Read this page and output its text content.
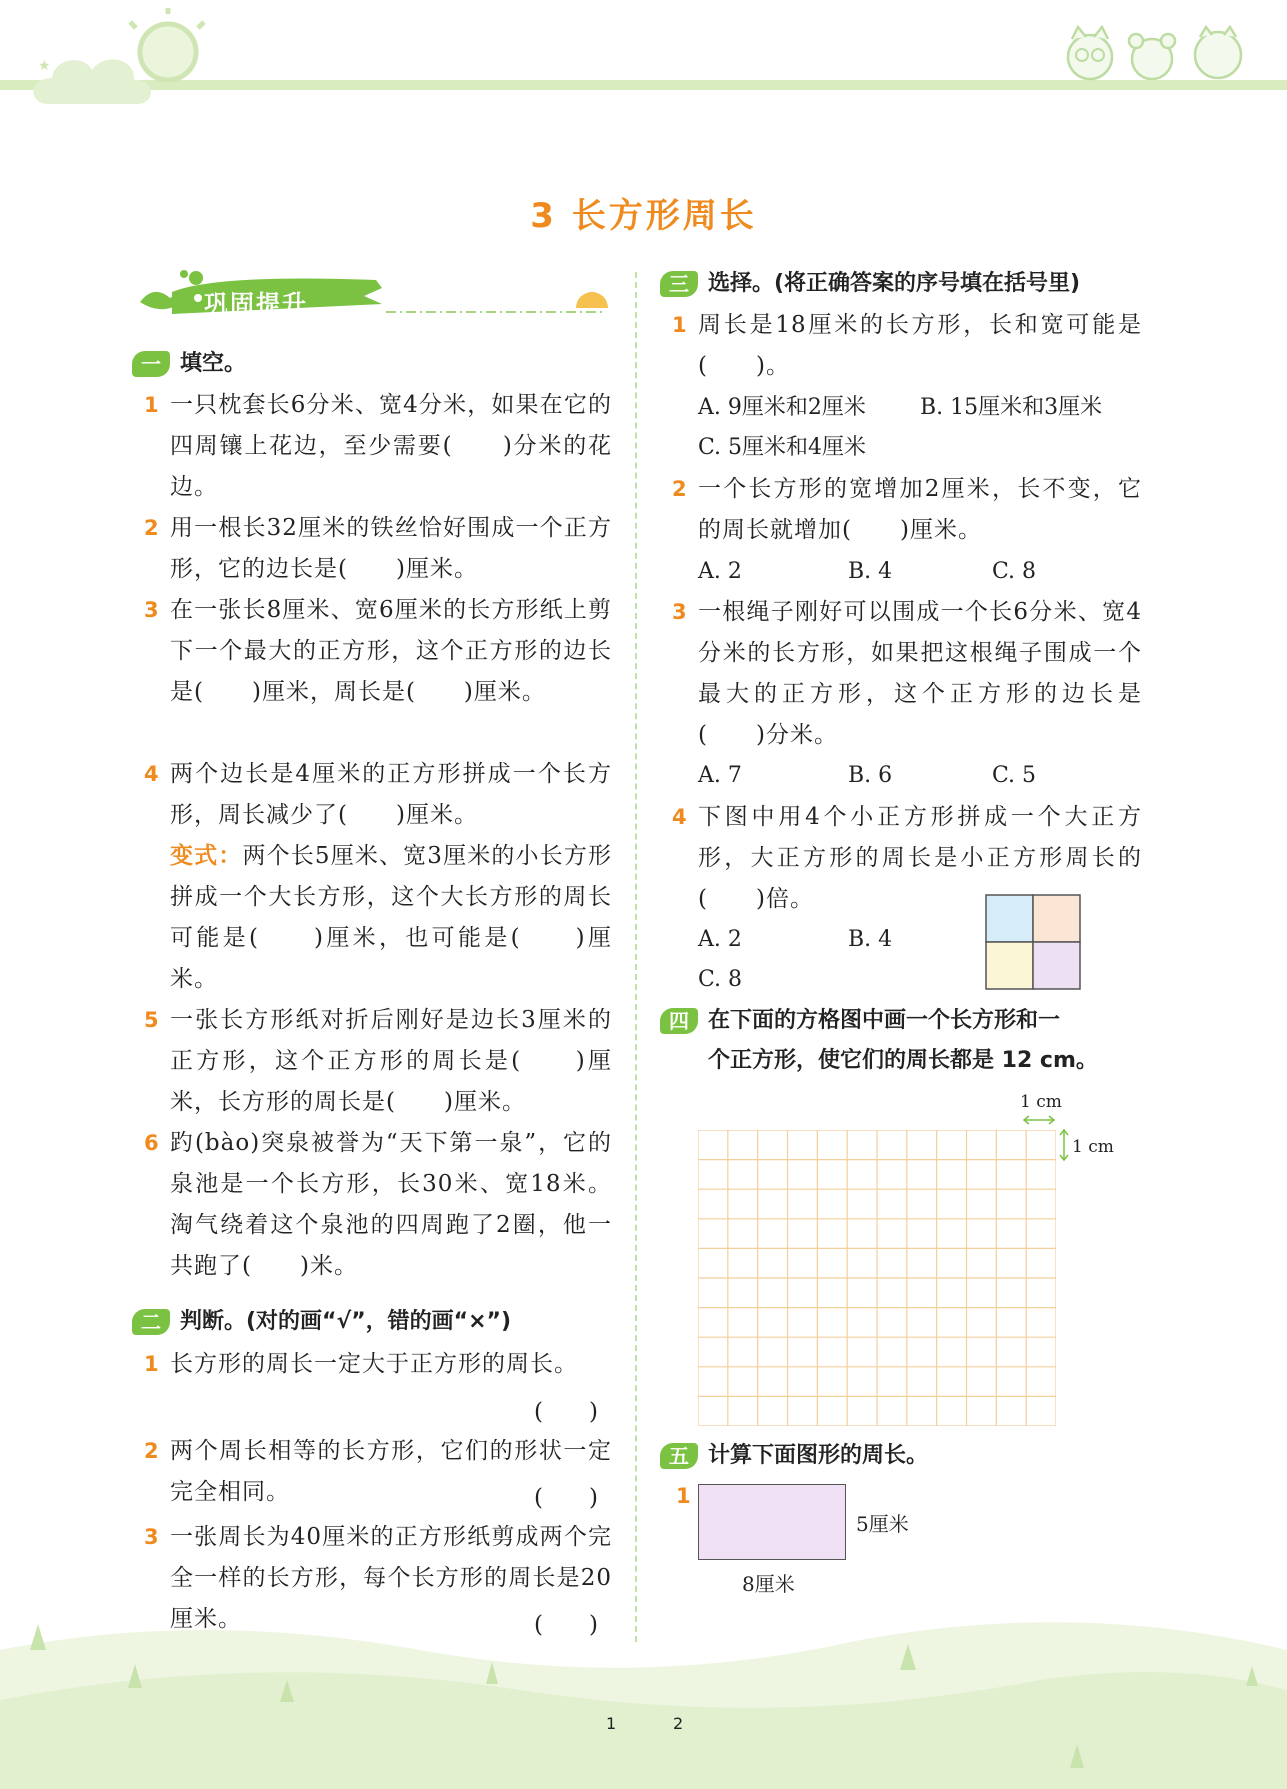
★
3 长方形周长
巩固提升
一 填空。
1 一只枕套长6分米、宽4分米，如果在它的四周镶上花边，至少需要(　　)分米的花边。
2 用一根长32厘米的铁丝恰好围成一个正方形，它的边长是(　　)厘米。
3 在一张长8厘米、宽6厘米的长方形纸上剪下一个最大的正方形，这个正方形的边长是(　　)厘米，周长是(　　)厘米。
4 两个边长是4厘米的正方形拼成一个长方形，周长减少了(　　)厘米。
变式：两个长5厘米、宽3厘米的小长方形拼成一个大长方形，这个大长方形的周长可能是(　　)厘米，也可能是(　　)厘米。
5 一张长方形纸对折后刚好是边长3厘米的正方形，这个正方形的周长是(　　)厘米，长方形的周长是(　　)厘米。
6 趵(bào)突泉被誉为“天下第一泉”，它的泉池是一个长方形，长30米、宽18米。淘气绕着这个泉池的四周跑了2圈，他一共跑了(　　)米。
二 判断。(对的画“√”，错的画“×”)
1 长方形的周长一定大于正方形的周长。
(　　)
2 两个周长相等的长方形，它们的形状一定完全相同。	(　　)
3 一张周长为40厘米的正方形纸剪成两个完全一样的长方形，每个长方形的周长是20厘米。	(　　)
三 选择。(将正确答案的序号填在括号里)
1 周长是18厘米的长方形，长和宽可能是(　　)。
A. 9厘米和2厘米 B. 15厘米和3厘米
C. 5厘米和4厘米
2 一个长方形的宽增加2厘米，长不变，它的周长就增加(　　)厘米。
A. 2	B. 4	C. 8
3 一根绳子刚好可以围成一个长6分米、宽4分米的长方形，如果把这根绳子围成一个最大的正方形，这个正方形的边长是(　　)分米。
A. 7	B. 6	C. 5
4 下图中用4个小正方形拼成一个大正方形，大正方形的周长是小正方形周长的(　　)倍。
A. 2	B. 4
C. 8
四 在下面的方格图中画一个长方形和一
个正方形，使它们的周长都是 12 cm。
1 cm
1 cm
五 计算下面图形的周长。
1
5厘米
8厘米
1	2
